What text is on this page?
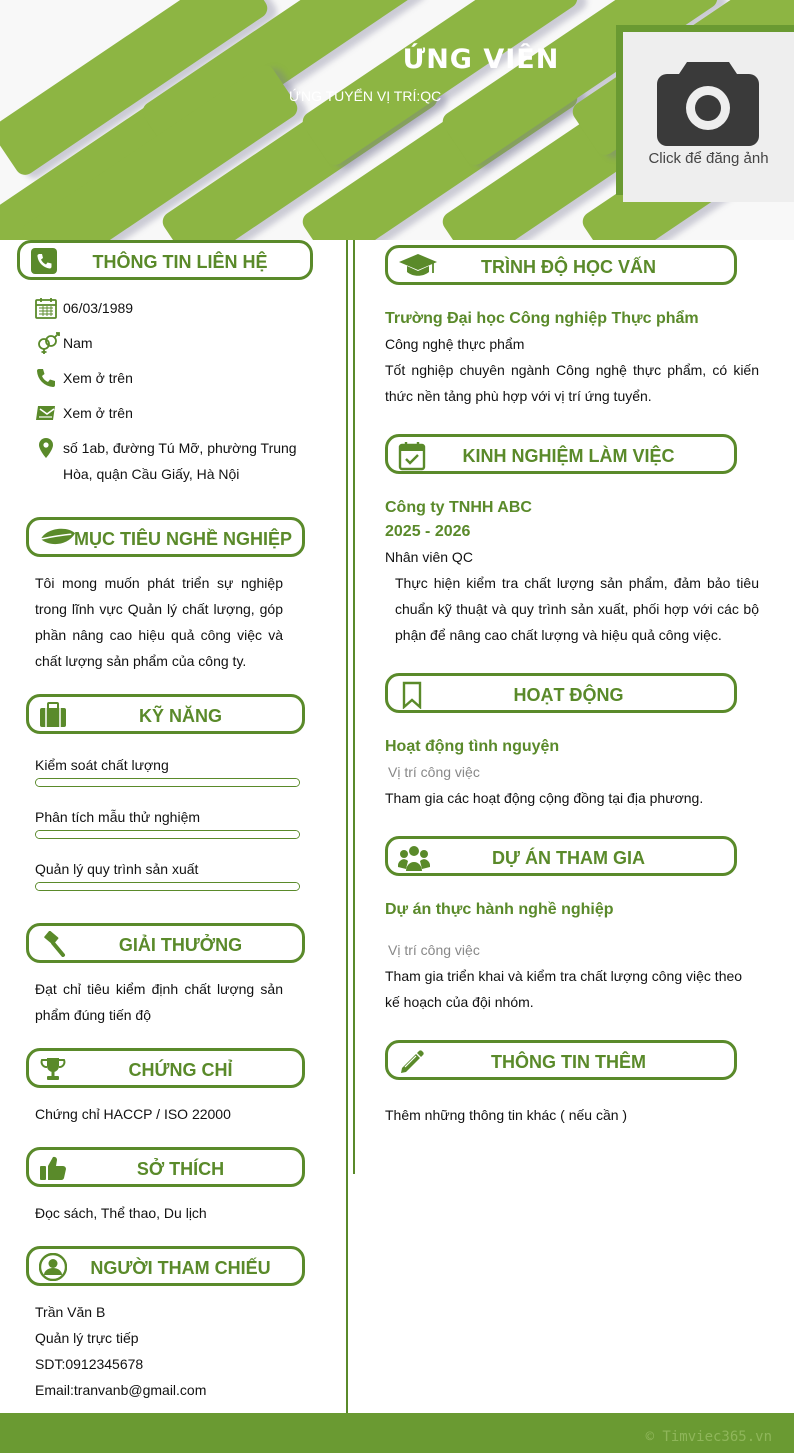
ỨNG VIÊN
ỨNG TUYỂN VỊ TRÍ:QC
Click để đăng ảnh
THÔNG TIN LIÊN HỆ
06/03/1989
Nam
Xem ở trên
Xem ở trên
số 1ab, đường Tú Mỡ, phường Trung Hòa, quận Cầu Giấy, Hà Nội
MỤC TIÊU NGHỀ NGHIỆP
Tôi mong muốn phát triển sự nghiệp trong lĩnh vực Quản lý chất lượng, góp phần nâng cao hiệu quả công việc và chất lượng sản phẩm của công ty.
KỸ NĂNG
Kiểm soát chất lượng
Phân tích mẫu thử nghiệm
Quản lý quy trình sản xuất
GIẢI THƯỞNG
Đạt chỉ tiêu kiểm định chất lượng sản phẩm đúng tiến độ
CHỨNG CHỈ
Chứng chỉ HACCP / ISO 22000
SỞ THÍCH
Đọc sách, Thể thao, Du lịch
NGƯỜI THAM CHIẾU
Trần Văn B
Quản lý trực tiếp
SDT:0912345678
Email:tranvanb@gmail.com
TRÌNH ĐỘ HỌC VẤN
Trường Đại học Công nghiệp Thực phẩm
Công nghệ thực phẩm
Tốt nghiệp chuyên ngành Công nghệ thực phẩm, có kiến thức nền tảng phù hợp với vị trí ứng tuyển.
KINH NGHIỆM LÀM VIỆC
Công ty TNHH ABC
2025 - 2026
Nhân viên QC
Thực hiện kiểm tra chất lượng sản phẩm, đảm bảo tiêu chuẩn kỹ thuật và quy trình sản xuất, phối hợp với các bộ phận để nâng cao chất lượng và hiệu quả công việc.
HOẠT ĐỘNG
Hoạt động tình nguyện
Vị trí công việc
Tham gia các hoạt động cộng đồng tại địa phương.
DỰ ÁN THAM GIA
Dự án thực hành nghề nghiệp
Vị trí công việc
Tham gia triển khai và kiểm tra chất lượng công việc theo kế hoạch của đội nhóm.
THÔNG TIN THÊM
Thêm những thông tin khác ( nếu cần )
© Timviec365.vn
